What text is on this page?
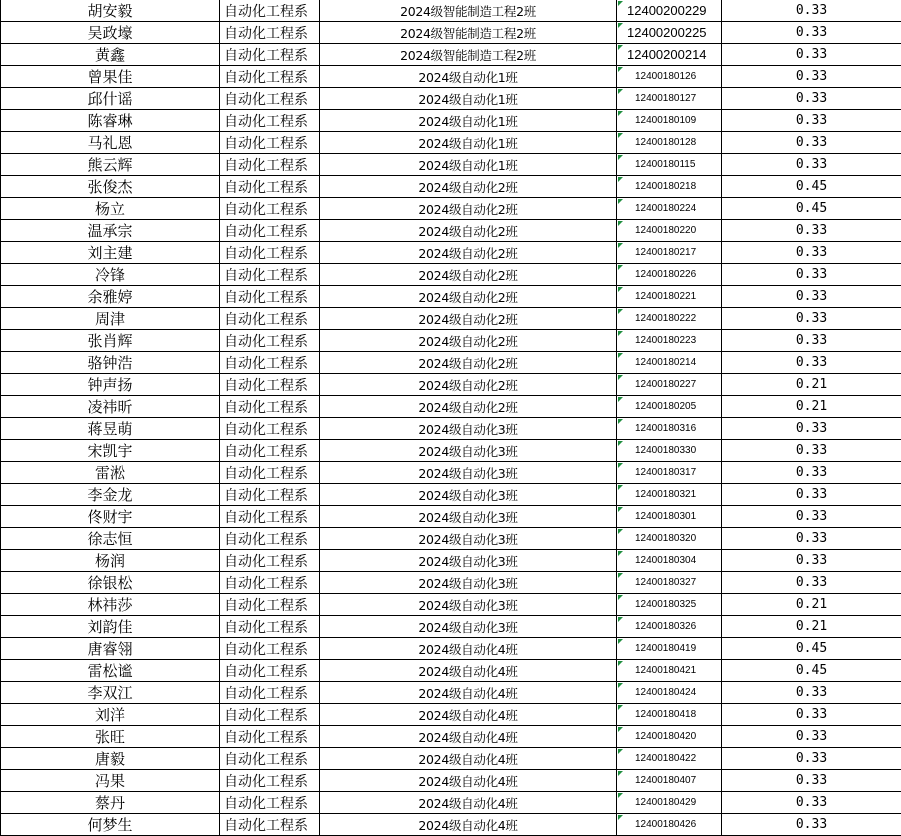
胡安毅	自动化工程系	2024级智能制造工程2班	12400200229	0.33
吴政壕	自动化工程系	2024级智能制造工程2班	12400200225	0.33
黄鑫	自动化工程系	2024级智能制造工程2班	12400200214	0.33
曾果佳	自动化工程系	2024级自动化1班	12400180126	0.33
邱什谣	自动化工程系	2024级自动化1班	12400180127	0.33
陈睿琳	自动化工程系	2024级自动化1班	12400180109	0.33
马礼恩	自动化工程系	2024级自动化1班	12400180128	0.33
熊云辉	自动化工程系	2024级自动化1班	12400180115	0.33
张俊杰	自动化工程系	2024级自动化2班	12400180218	0.45
杨立	自动化工程系	2024级自动化2班	12400180224	0.45
温承宗	自动化工程系	2024级自动化2班	12400180220	0.33
刘主建	自动化工程系	2024级自动化2班	12400180217	0.33
冷锋	自动化工程系	2024级自动化2班	12400180226	0.33
余雅婷	自动化工程系	2024级自动化2班	12400180221	0.33
周津	自动化工程系	2024级自动化2班	12400180222	0.33
张肖辉	自动化工程系	2024级自动化2班	12400180223	0.33
骆钟浩	自动化工程系	2024级自动化2班	12400180214	0.33
钟声扬	自动化工程系	2024级自动化2班	12400180227	0.21
凌祎昕	自动化工程系	2024级自动化2班	12400180205	0.21
蒋昱萌	自动化工程系	2024级自动化3班	12400180316	0.33
宋凯宇	自动化工程系	2024级自动化3班	12400180330	0.33
雷淞	自动化工程系	2024级自动化3班	12400180317	0.33
李金龙	自动化工程系	2024级自动化3班	12400180321	0.33
佟财宇	自动化工程系	2024级自动化3班	12400180301	0.33
徐志恒	自动化工程系	2024级自动化3班	12400180320	0.33
杨润	自动化工程系	2024级自动化3班	12400180304	0.33
徐银松	自动化工程系	2024级自动化3班	12400180327	0.33
林祎莎	自动化工程系	2024级自动化3班	12400180325	0.21
刘韵佳	自动化工程系	2024级自动化3班	12400180326	0.21
唐睿翎	自动化工程系	2024级自动化4班	12400180419	0.45
雷松谧	自动化工程系	2024级自动化4班	12400180421	0.45
李双江	自动化工程系	2024级自动化4班	12400180424	0.33
刘洋	自动化工程系	2024级自动化4班	12400180418	0.33
张旺	自动化工程系	2024级自动化4班	12400180420	0.33
唐毅	自动化工程系	2024级自动化4班	12400180422	0.33
冯果	自动化工程系	2024级自动化4班	12400180407	0.33
蔡丹	自动化工程系	2024级自动化4班	12400180429	0.33
何梦生	自动化工程系	2024级自动化4班	12400180426	0.33
